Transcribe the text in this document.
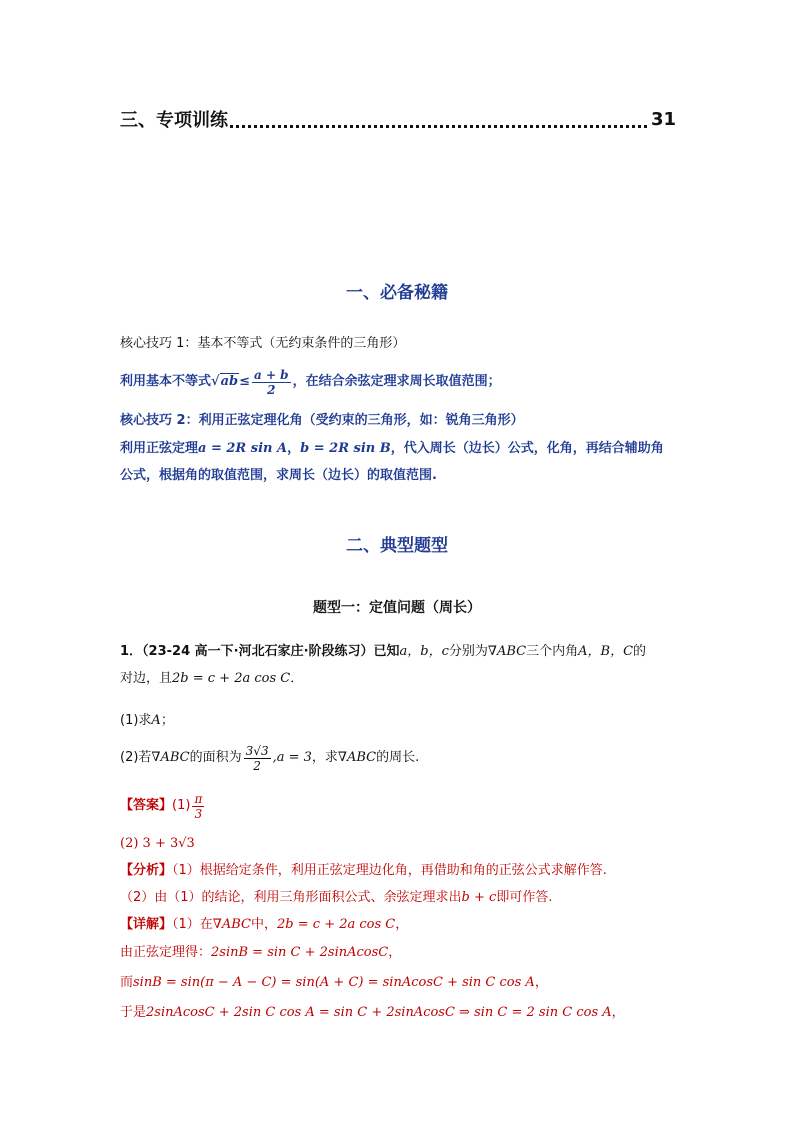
三、专项训练	31
一、必备秘籍
核心技巧 1：基本不等式（无约束条件的三角形）
利用基本不等式 $√ab \le \frac{a + b}{2}$ ，在结合余弦定理求周长取值范围；
核心技巧 2：利用正弦定理化角（受约束的三角形，如：锐角三角形）
利用正弦定理a = 2R sin A，b = 2R sin B，代入周长（边长）公式，化角，再结合辅助角
公式，根据角的取值范围，求周长（边长）的取值范围.
二、典型题型
题型一：定值问题（周长）
1．（23-24 高一下·河北石家庄·阶段练习）已知a，b，c分别为∇ABC三个内角A，B，C的
对边，且2b = c + 2a cos C．
(1)求A；
(2)若 ∇ABC 的面积为 $\frac{3√3}{2} ,a = 3$ ，求 ∇ABC 的周长.
【答案】 $(1) \frac{\pi}{3}$
(2) 3 + 3√3
【分析】（1）根据给定条件，利用正弦定理边化角，再借助和角的正弦公式求解作答.
（2）由（1）的结论，利用三角形面积公式、余弦定理求出b + c即可作答.
【详解】（1）在∇ABC中，2b = c + 2a cos C，
由正弦定理得：2sinB = sin C + 2sinAcosC，
而sinB = sin(π − A − C) = sin(A + C) = sinAcosC + sin C cos A，
于是2sinAcosC + 2sin C cos A = sin C + 2sinAcosC ⇒ sin C = 2 sin C cos A，
